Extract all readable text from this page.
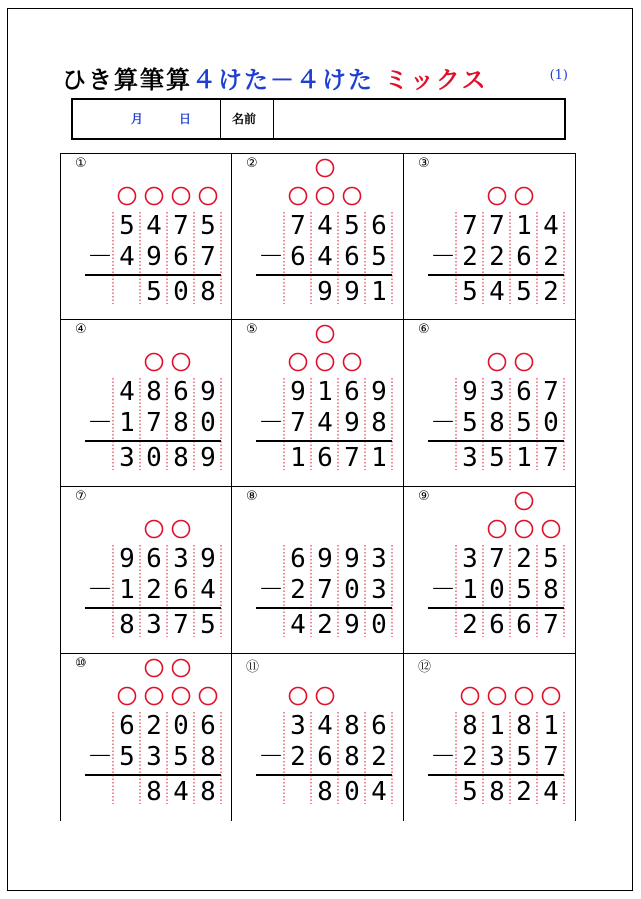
ひき算筆算４けた－４けた ミックス	(1)
月	日	名前
①
5 4 7 5
4 9 6 7
－
5 0 8
②
7 4 5 6
6 4 6 5
－
9 9 1
③
7 7 1 4
2 2 6 2
－
5 4 5 2
④
4 8 6 9
1 7 8 0
－
3 0 8 9
⑤
9 1 6 9
7 4 9 8
－
1 6 7 1
⑥
9 3 6 7
5 8 5 0
－
3 5 1 7
⑦
9 6 3 9
1 2 6 4
－
8 3 7 5
⑧
6 9 9 3
2 7 0 3
－
4 2 9 0
⑨
3 7 2 5
1 0 5 8
－
2 6 6 7
⑩
6 2 0 6
5 3 5 8
－
8 4 8
⑪
3 4 8 6
2 6 8 2
－
8 0 4
⑫
8 1 8 1
2 3 5 7
－
5 8 2 4
